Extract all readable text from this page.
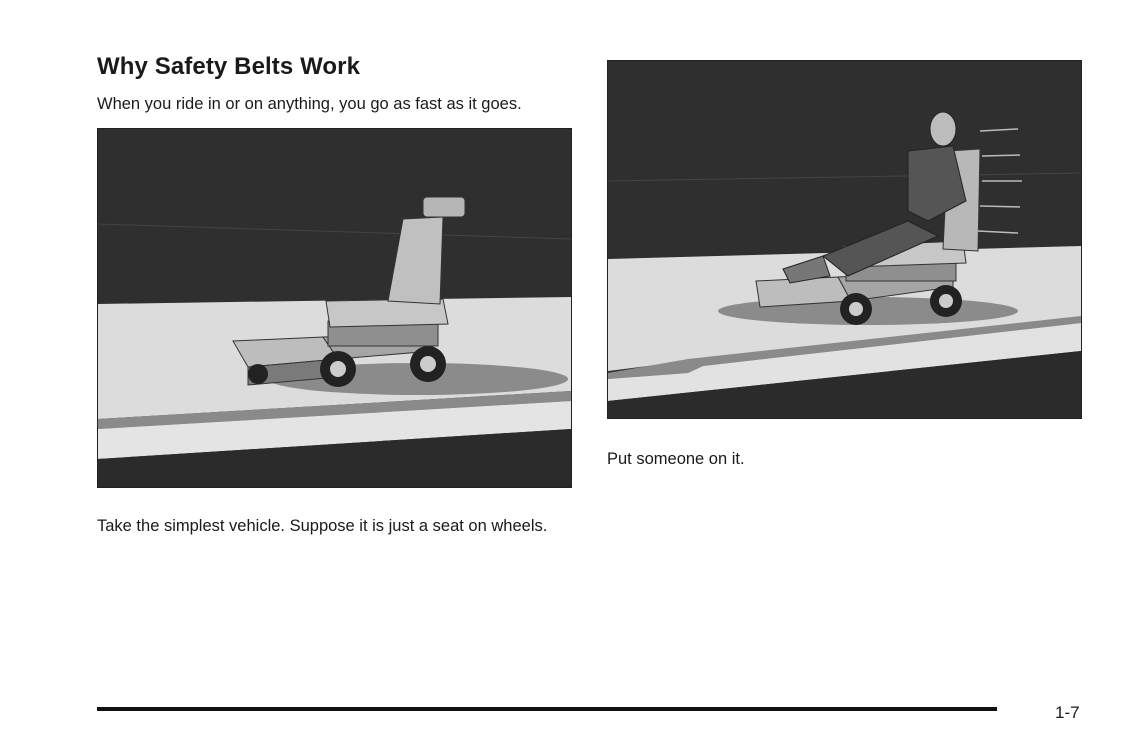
Why Safety Belts Work

When you ride in or on anything, you go as fast as it goes.

Take the simplest vehicle. Suppose it is just a seat on wheels.

Put someone on it.

1-7
